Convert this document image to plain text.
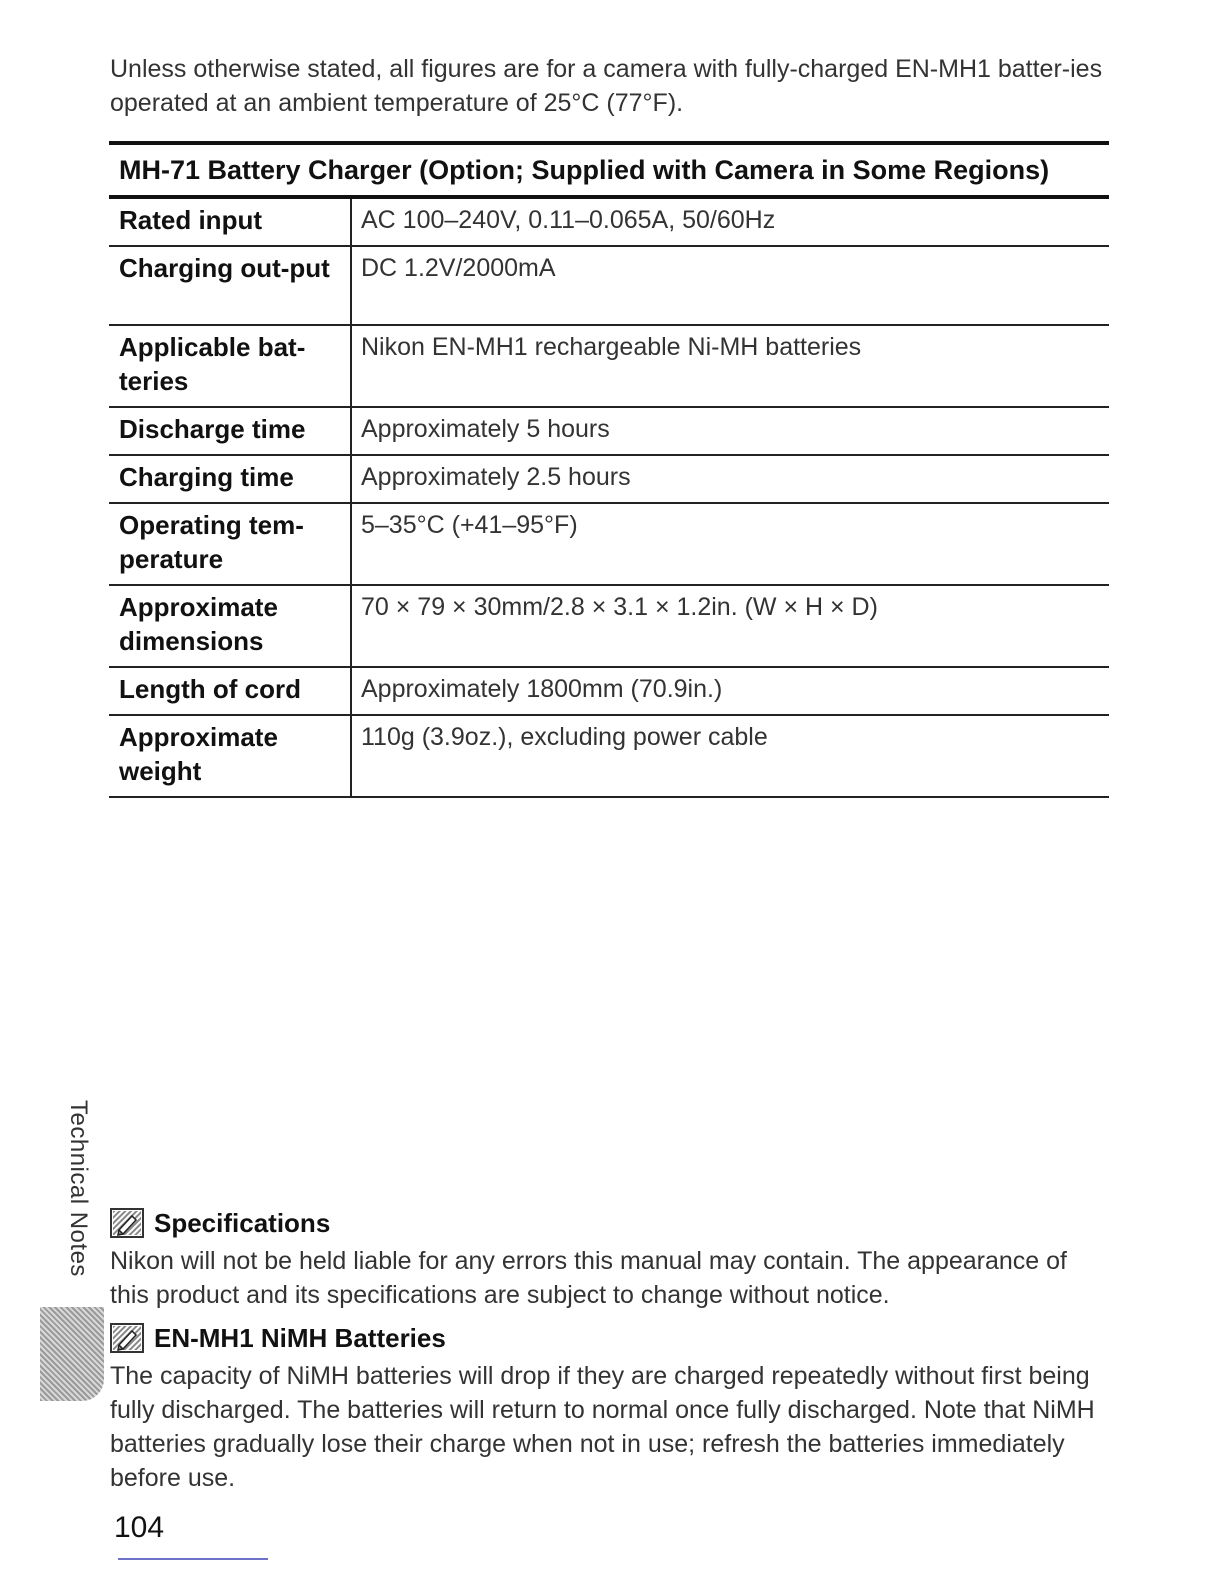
Unless otherwise stated, all figures are for a camera with fully-charged EN-MH1 batter-ies operated at an ambient temperature of 25°C (77°F).

MH-71 Battery Charger (Option; Supplied with Camera in Some Regions)	
Rated input	AC 100–240V, 0.11–0.065A, 50/60Hz
Charging out-put	DC 1.2V/2000mA
Applicable bat-teries	Nikon EN-MH1 rechargeable Ni-MH batteries
Discharge time	Approximately 5 hours
Charging time	Approximately 2.5 hours
Operating tem-perature	5–35°C (+41–95°F)
Approximate dimensions	70 × 79 × 30mm/2.8 × 3.1 × 1.2in. (W × H × D)
Length of cord	Approximately 1800mm (70.9in.)
Approximate weight	110g (3.9oz.), excluding power cable
Technical Notes Specifications
Nikon will not be held liable for any errors this manual may contain. The appearance of this product and its specifications are subject to change without notice.
EN-MH1 NiMH Batteries
The capacity of NiMH batteries will drop if they are charged repeatedly without first being fully discharged. The batteries will return to normal once fully discharged. Note that NiMH batteries gradually lose their charge when not in use; refresh the batteries immediately before use.
104
